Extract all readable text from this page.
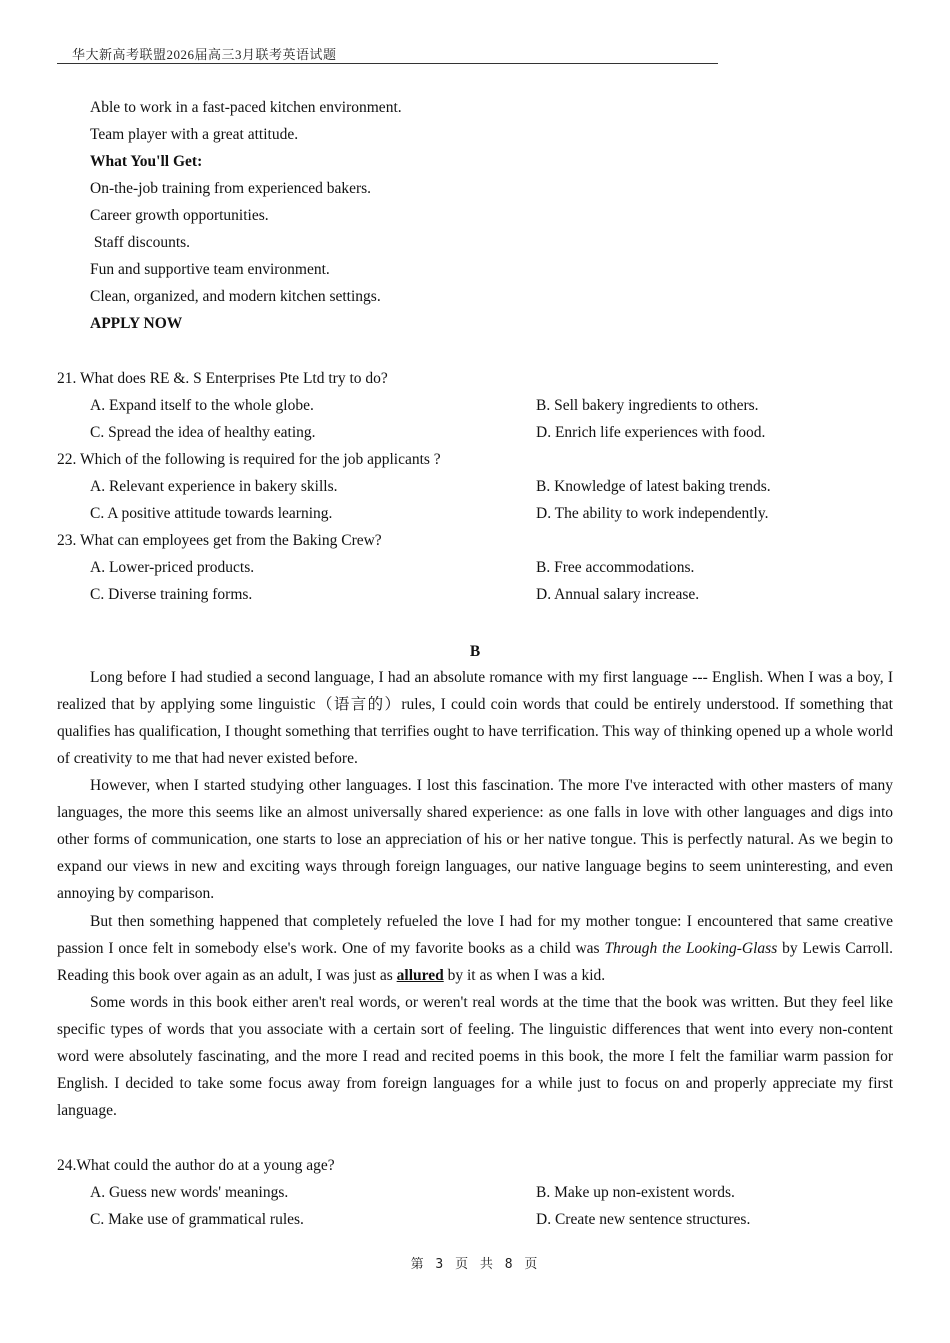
华大新高考联盟2026届高三3月联考英语试题
Able to work in a fast-paced kitchen environment.
Team player with a great attitude.
What You'll Get:
On-the-job training from experienced bakers.
Career growth opportunities.
Staff discounts.
Fun and supportive team environment.
Clean, organized, and modern kitchen settings.
APPLY NOW
21. What does RE &. S Enterprises Pte Ltd try to do?
A. Expand itself to the whole globe.	B. Sell bakery ingredients to others.
C. Spread the idea of healthy eating.	D. Enrich life experiences with food.
22. Which of the following is required for the job applicants ?
A. Relevant experience in bakery skills.	B. Knowledge of latest baking trends.
C. A positive attitude towards learning.	D. The ability to work independently.
23. What can employees get from the Baking Crew?
A. Lower-priced products.	B. Free accommodations.
C. Diverse training forms.	D. Annual salary increase.
B
Long before I had studied a second language, I had an absolute romance with my first language --- English. When I was a boy, I realized that by applying some linguistic（语言的）rules, I could coin words that could be entirely understood. If something that qualifies has qualification, I thought something that terrifies ought to have terrification. This way of thinking opened up a whole world of creativity to me that had never existed before.
However, when I started studying other languages. I lost this fascination. The more I've interacted with other masters of many languages, the more this seems like an almost universally shared experience: as one falls in love with other languages and digs into other forms of communication, one starts to lose an appreciation of his or her native tongue. This is perfectly natural. As we begin to expand our views in new and exciting ways through foreign languages, our native language begins to seem uninteresting, and even annoying by comparison.
But then something happened that completely refueled the love I had for my mother tongue: I encountered that same creative passion I once felt in somebody else's work. One of my favorite books as a child was Through the Looking-Glass by Lewis Carroll. Reading this book over again as an adult, I was just as allured by it as when I was a kid.
Some words in this book either aren't real words, or weren't real words at the time that the book was written. But they feel like specific types of words that you associate with a certain sort of feeling. The linguistic differences that went into every non-content word were absolutely fascinating, and the more I read and recited poems in this book, the more I felt the familiar warm passion for English. I decided to take some focus away from foreign languages for a while just to focus on and properly appreciate my first language.
24.What could the author do at a young age?
A. Guess new words' meanings.	B. Make up non-existent words.
C. Make use of grammatical rules.	D. Create new sentence structures.
第 3 页 共 8 页
